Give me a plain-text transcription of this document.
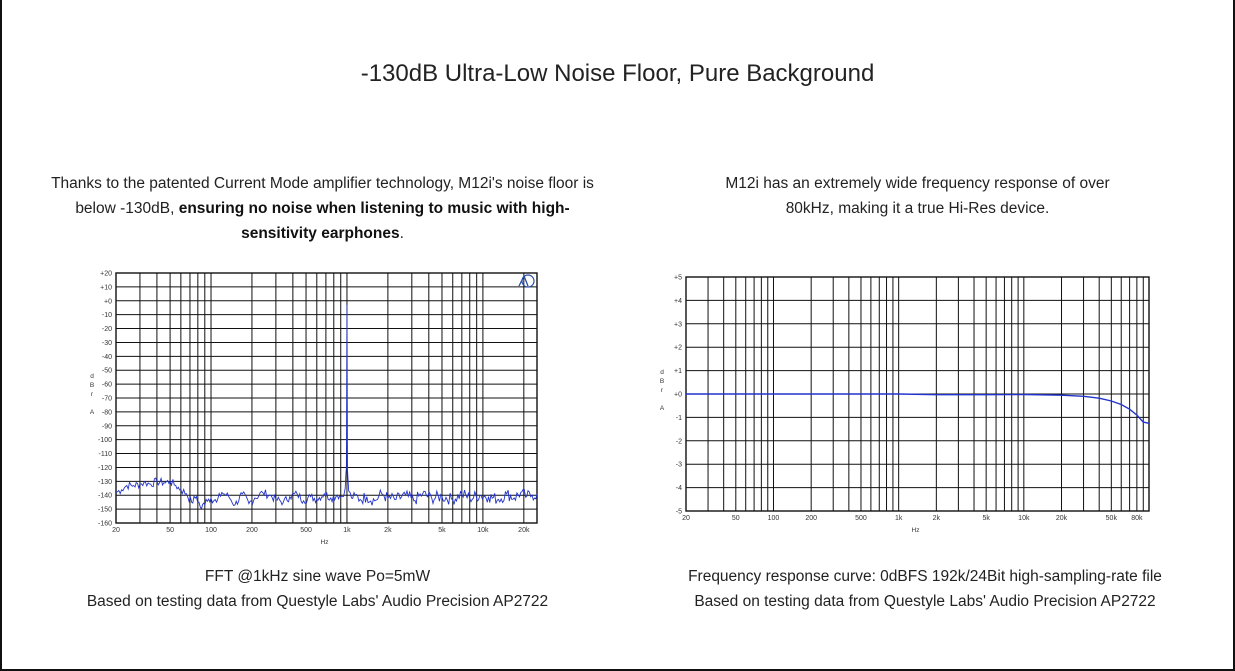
-130dB Ultra-Low Noise Floor, Pure Background
Thanks to the patented Current Mode amplifier technology, M12i's noise floor is below -130dB, ensuring no noise when listening to music with high-sensitivity earphones.
M12i has an extremely wide frequency response of over
80kHz, making it a true Hi-Res device.
+20
+10
+0
-10
-20
-30
-40
-50
-60
-70
-80
-90
-100
-110
-120
-130
-140
-150
-160
20	50	100	200	500	1k	2k	5k	10k	20k
Hz
d
B
r
A
+5
+4
+3
+2
+1
+0
-1
-2
-3
-4
-5
20	50	100	200	500	1k	2k	5k	10k	20k	50k 80k
Hz
d
B
r
A
FFT @1kHz sine wave Po=5mW
Based on testing data from Questyle Labs' Audio Precision AP2722
Frequency response curve: 0dBFS 192k/24Bit high-sampling-rate file
Based on testing data from Questyle Labs' Audio Precision AP2722
